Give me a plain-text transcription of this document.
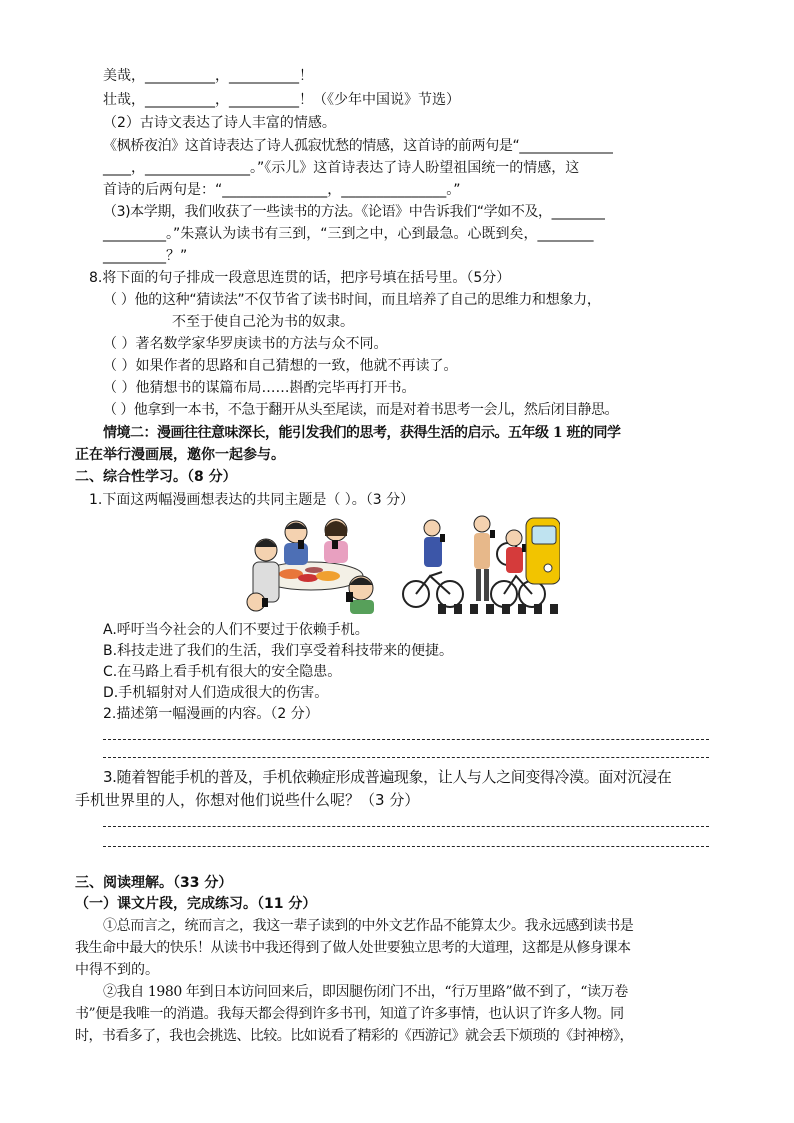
美哉，__________，__________！
壮哉，__________，__________！（《少年中国说》节选）
（2）古诗文表达了诗人丰富的情感。
《枫桥夜泊》这首诗表达了诗人孤寂忧愁的情感，这首诗的前两句是“______________
____，_______________。”《示儿》这首诗表达了诗人盼望祖国统一的情感，这
首诗的后两句是：“_______________，_______________。”
（3)本学期，我们收获了一些读书的方法。《论语》中告诉我们“学如不及，________
_________。”朱熹认为读书有三到，“三到之中，心到最急。心既到矣，________
_________？”
8.将下面的句子排成一段意思连贯的话，把序号填在括号里。（5分）
（ ）他的这种“猜读法”不仅节省了读书时间，而且培养了自己的思维力和想象力，
不至于使自己沦为书的奴隶。
（ ）著名数学家华罗庚读书的方法与众不同。
（ ）如果作者的思路和自己猜想的一致，他就不再读了。
（ ）他猜想书的谋篇布局……斟酌完毕再打开书。
（ ）他拿到一本书，不急于翻开从头至尾读，而是对着书思考一会儿，然后闭目静思。
情境二：漫画往往意味深长，能引发我们的思考，获得生活的启示。五年级 1 班的同学
正在举行漫画展，邀你一起参与。
二、综合性学习。（8 分）
1.下面这两幅漫画想表达的共同主题是（ ）。（3 分）
A.呼吁当今社会的人们不要过于依赖手机。
B.科技走进了我们的生活，我们享受着科技带来的便捷。
C.在马路上看手机有很大的安全隐患。
D.手机辐射对人们造成很大的伤害。
2.描述第一幅漫画的内容。（2 分）
3.随着智能手机的普及，手机依赖症形成普遍现象，让人与人之间变得冷漠。面对沉浸在
手机世界里的人，你想对他们说些什么呢？（3 分）
三、阅读理解。（33 分）
（一）课文片段，完成练习。（11 分）
①总而言之，统而言之，我这一辈子读到的中外文艺作品不能算太少。我永远感到读书是
我生命中最大的快乐！从读书中我还得到了做人处世要独立思考的大道理，这都是从修身课本
中得不到的。
②我自 1980 年到日本访问回来后，即因腿伤闭门不出，“行万里路”做不到了，“读万卷
书”便是我唯一的消遣。我每天都会得到许多书刊，知道了许多事情，也认识了许多人物。同
时，书看多了，我也会挑选、比较。比如说看了精彩的《西游记》就会丢下烦琐的《封神榜》，
